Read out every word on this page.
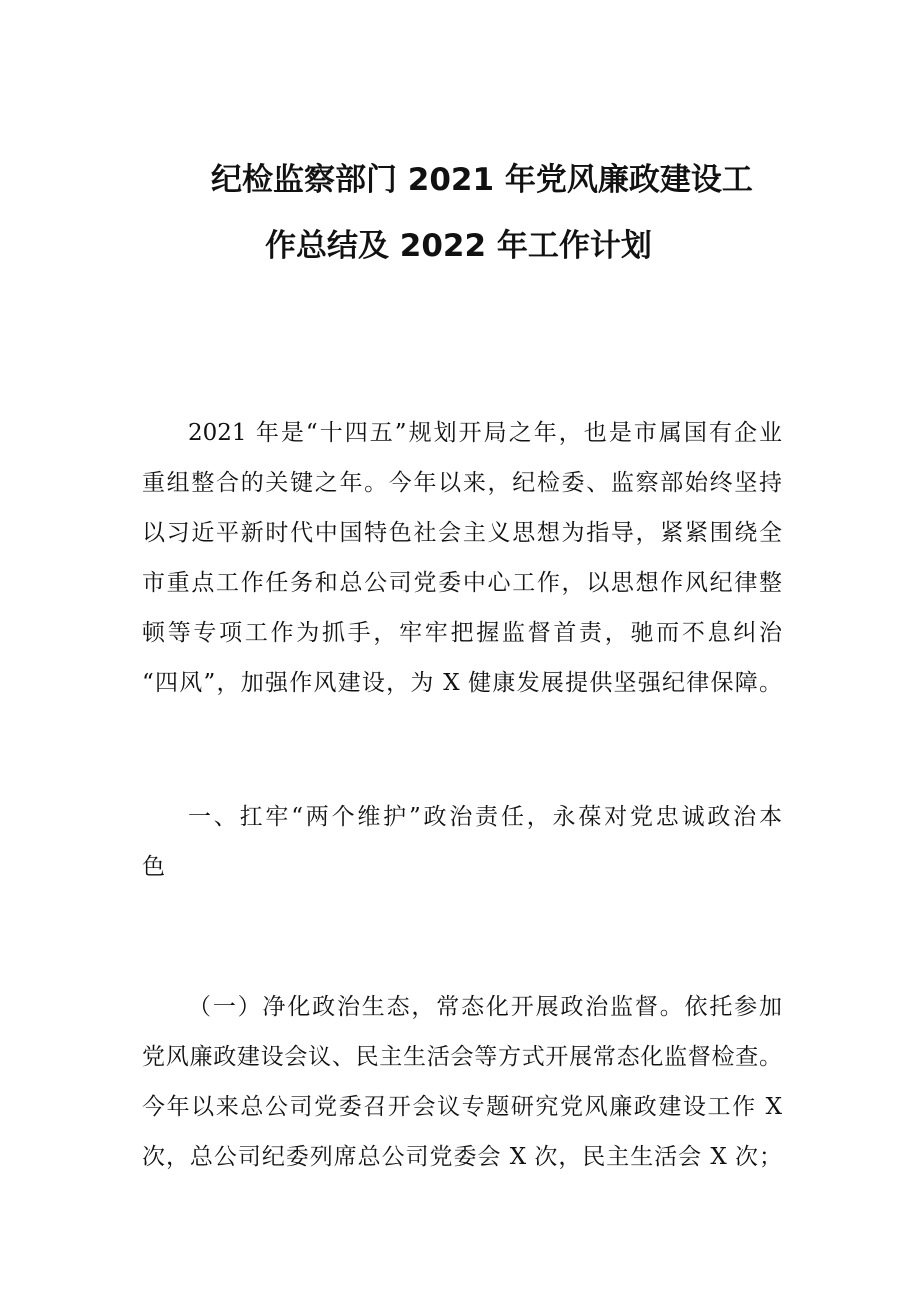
纪检监察部门 2021 年党风廉政建设工
作总结及 2022 年工作计划
2021 年是“十四五”规划开局之年，也是市属国有企业
重组整合的关键之年。今年以来，纪检委、监察部始终坚持
以习近平新时代中国特色社会主义思想为指导，紧紧围绕全
市重点工作任务和总公司党委中心工作，以思想作风纪律整
顿等专项工作为抓手，牢牢把握监督首责，驰而不息纠治
“四风”，加强作风建设，为 X 健康发展提供坚强纪律保障。
一、扛牢“两个维护”政治责任，永葆对党忠诚政治本
色
（一）净化政治生态，常态化开展政治监督。依托参加
党风廉政建设会议、民主生活会等方式开展常态化监督检查。
今年以来总公司党委召开会议专题研究党风廉政建设工作 X
次，总公司纪委列席总公司党委会 X 次，民主生活会 X 次；
